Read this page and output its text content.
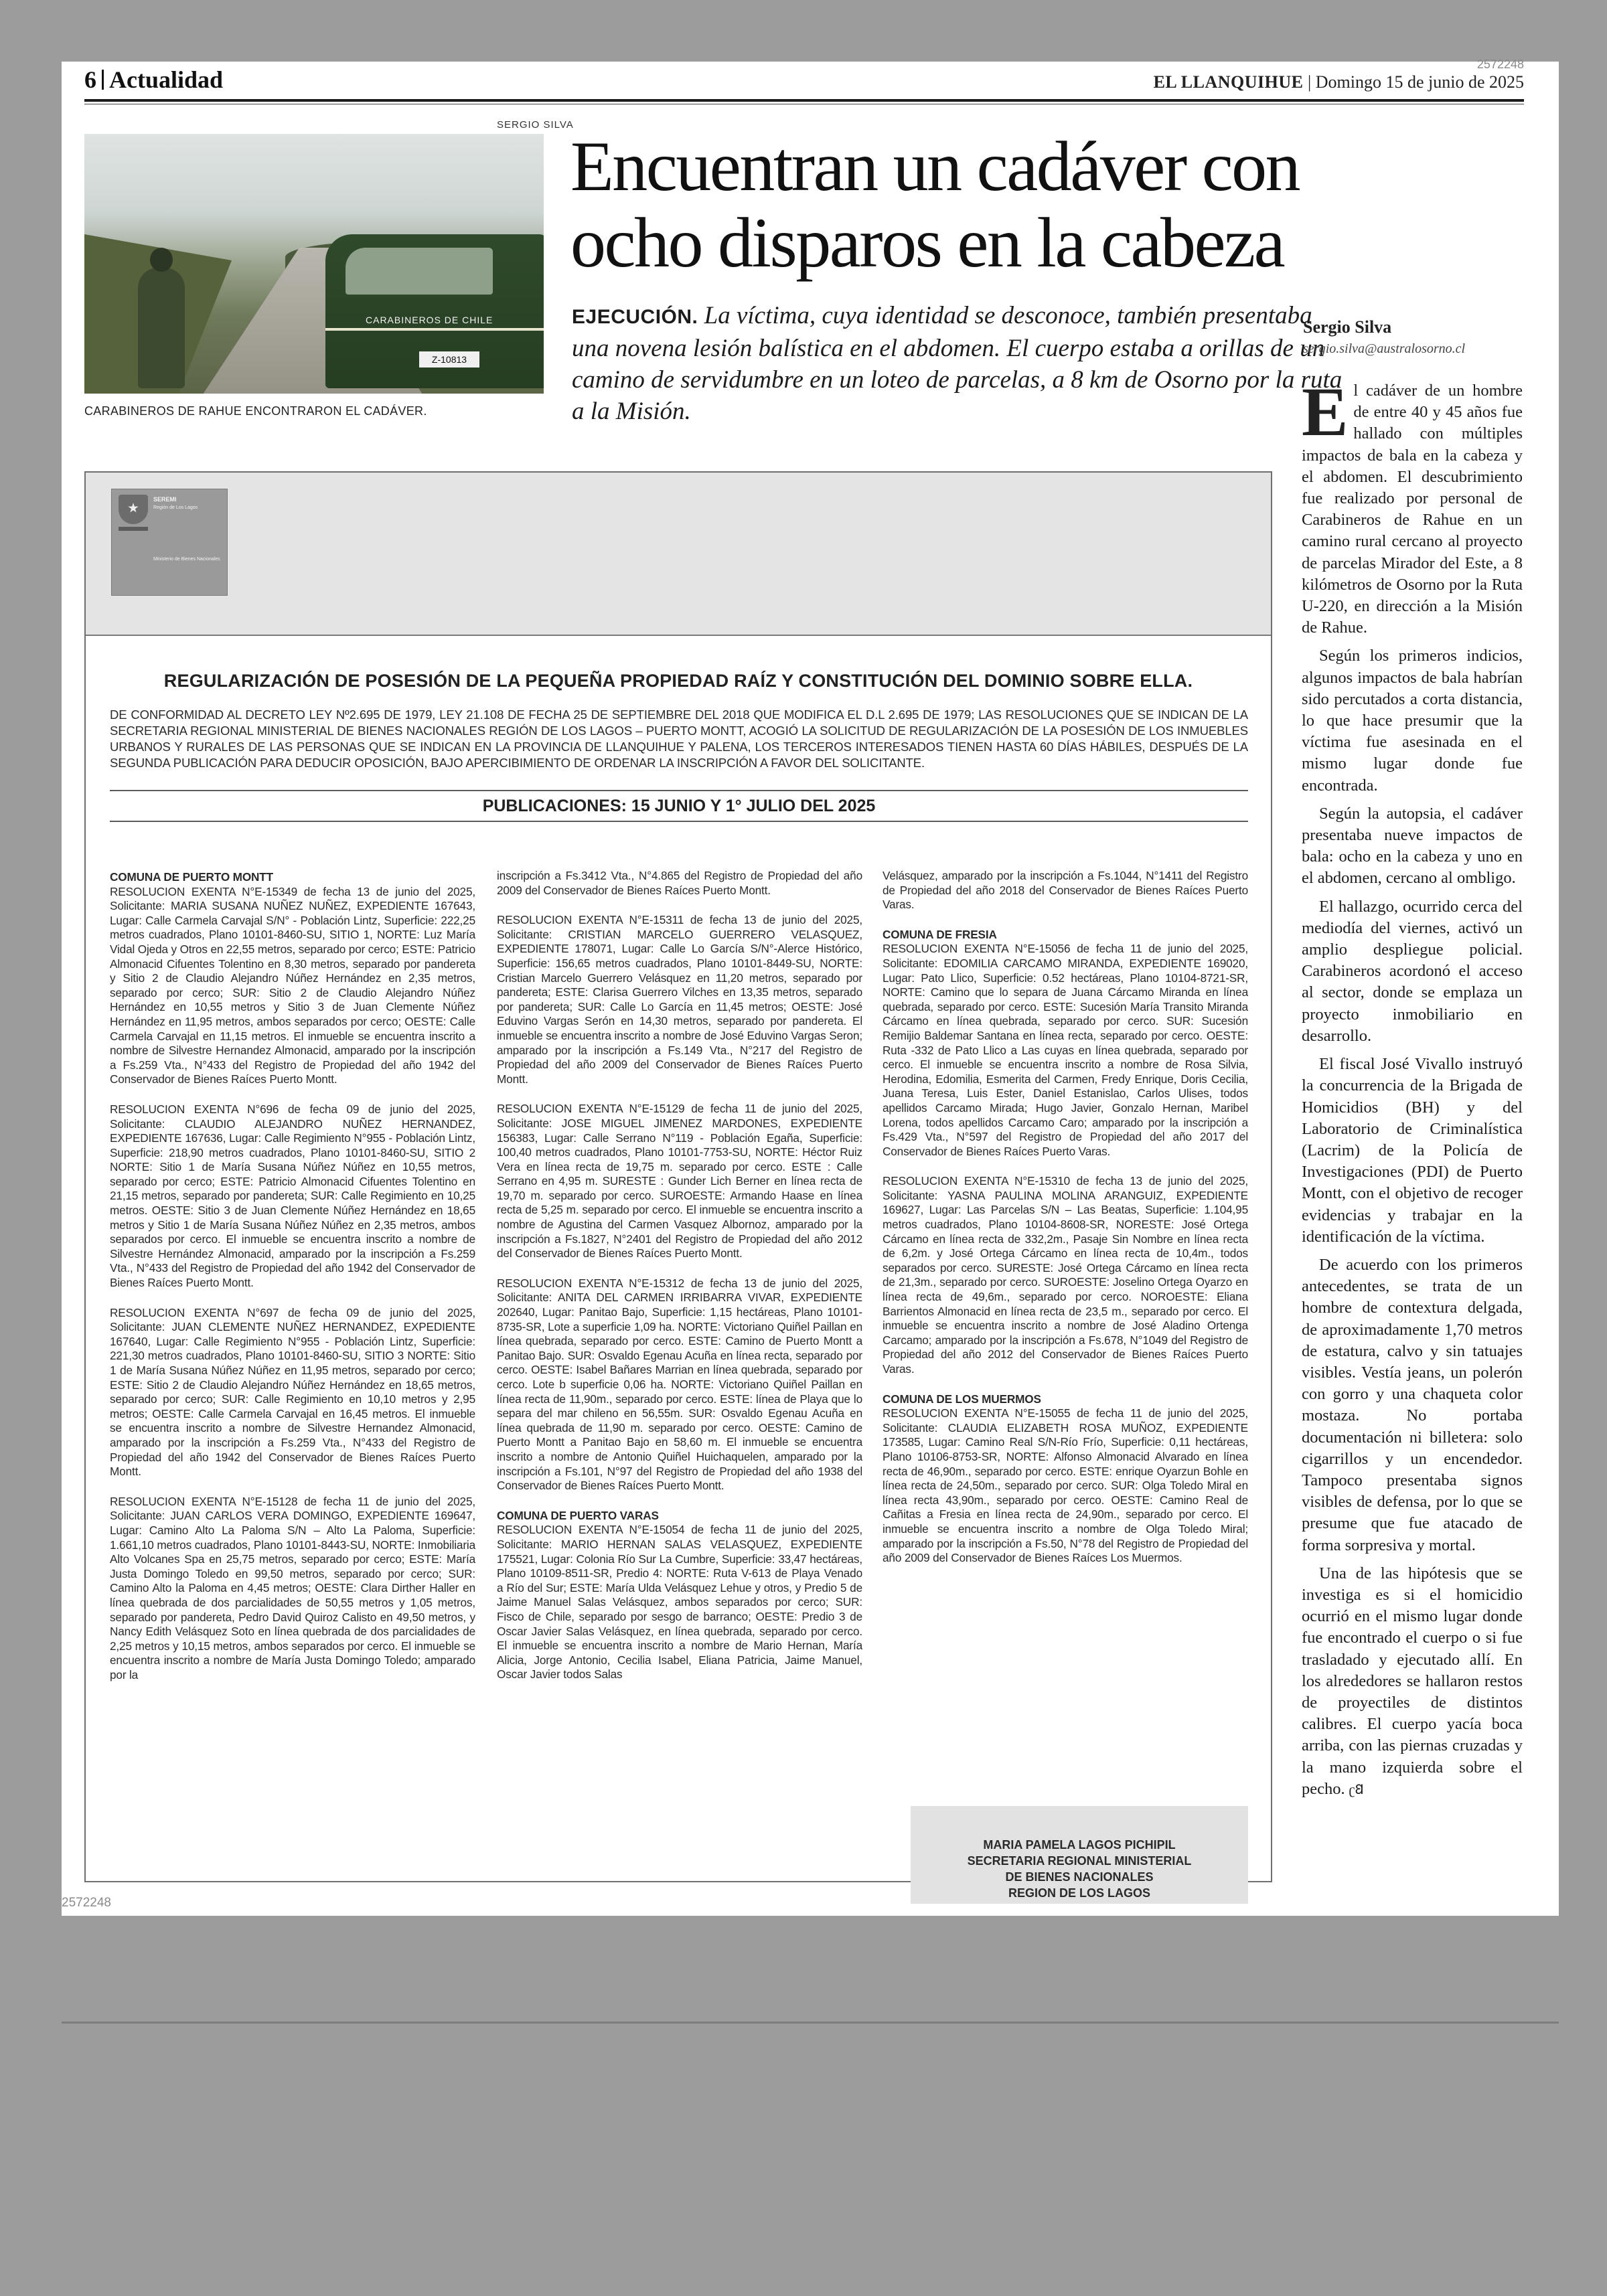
2572248
6 Actualidad	EL LLANQUIHUE | Domingo 15 de junio de 2025
SERGIO SILVA
CARABINEROS DE CHILE
Z-10813
CARABINEROS DE RAHUE ENCONTRARON EL CADÁVER.
Encuentran un cadáver con
ocho disparos en la cabeza
EJECUCIÓN. La víctima, cuya identidad se desconoce, también presentaba una novena lesión balística en el abdomen. El cuerpo estaba a orillas de un camino de servidumbre en un loteo de parcelas, a 8 km de Osorno por la ruta a la Misión.
Sergio Silva
sergio.silva@australosorno.cl

El cadáver de un hombre de entre 40 y 45 años fue hallado con múltiples impactos de bala en la cabeza y el abdomen. El descubrimiento fue realizado por personal de Carabineros de Rahue en un camino rural cercano al proyecto de parcelas Mirador del Este, a 8 kilómetros de Osorno por la Ruta U-220, en dirección a la Misión de Rahue.

Según los primeros indicios, algunos impactos de bala habrían sido percutados a corta distancia, lo que hace presumir que la víctima fue asesinada en el mismo lugar donde fue encontrada.

Según la autopsia, el cadáver presentaba nueve impactos de bala: ocho en la cabeza y uno en el abdomen, cercano al ombligo.

El hallazgo, ocurrido cerca del mediodía del viernes, activó un amplio despliegue policial. Carabineros acordonó el acceso al sector, donde se emplaza un proyecto inmobiliario en desarrollo.

El fiscal José Vivallo instruyó la concurrencia de la Brigada de Homicidios (BH) y del Laboratorio de Criminalística (Lacrim) de la Policía de Investigaciones (PDI) de Puerto Montt, con el objetivo de recoger evidencias y trabajar en la identificación de la víctima.

De acuerdo con los primeros antecedentes, se trata de un hombre de contextura delgada, de aproximadamente 1,70 metros de estatura, calvo y sin tatuajes visibles. Vestía jeans, un polerón con gorro y una chaqueta color mostaza. No portaba documentación ni billetera: solo cigarrillos y un encendedor. Tampoco presentaba signos visibles de defensa, por lo que se presume que fue atacado de forma sorpresiva y mortal.

Una de las hipótesis que se investiga es si el homicidio ocurrió en el mismo lugar donde fue encontrado el cuerpo o si fue trasladado y ejecutado allí. En los alrededores se hallaron restos de proyectiles de distintos calibres. El cuerpo yacía boca arriba, con las piernas cruzadas y la mano izquierda sobre el pecho. ʗ𐐒

SEREMI
Región de Los Lagos
Ministerio de Bienes Nacionales
REGULARIZACIÓN DE POSESIÓN DE LA PEQUEÑA PROPIEDAD RAÍZ Y CONSTITUCIÓN DEL DOMINIO SOBRE ELLA.
DE CONFORMIDAD AL DECRETO LEY Nº2.695 DE 1979, LEY 21.108 DE FECHA 25 DE SEPTIEMBRE DEL 2018 QUE MODIFICA EL D.L 2.695 DE 1979; LAS RESOLUCIONES QUE SE INDICAN DE LA SECRETARIA REGIONAL MINISTERIAL DE BIENES NACIONALES REGIÓN DE LOS LAGOS – PUERTO MONTT, ACOGIÓ LA SOLICITUD DE REGULARIZACIÓN DE LA POSESIÓN DE LOS INMUEBLES URBANOS Y RURALES DE LAS PERSONAS QUE SE INDICAN EN LA PROVINCIA DE LLANQUIHUE Y PALENA, LOS TERCEROS INTERESADOS TIENEN HASTA 60 DÍAS HÁBILES, DESPUÉS DE LA SEGUNDA PUBLICACIÓN PARA DEDUCIR OPOSICIÓN, BAJO APERCIBIMIENTO DE ORDENAR LA INSCRIPCIÓN A FAVOR DEL SOLICITANTE.
PUBLICACIONES: 15 JUNIO Y 1° JULIO DEL 2025
COMUNA DE PUERTO MONTT
RESOLUCION EXENTA N°E-15349 de fecha 13 de junio del 2025, Solicitante: MARIA SUSANA NUÑEZ NUÑEZ, EXPEDIENTE 167643, Lugar: Calle Carmela Carvajal S/N° - Población Lintz, Superficie: 222,25 metros cuadrados, Plano 10101-8460-SU, SITIO 1, NORTE: Luz María Vidal Ojeda y Otros en 22,55 metros, separado por cerco; ESTE: Patricio Almonacid Cifuentes Tolentino en 8,30 metros, separado por pandereta y Sitio 2 de Claudio Alejandro Núñez Hernández en 2,35 metros, separado por cerco; SUR: Sitio 2 de Claudio Alejandro Núñez Hernández en 10,55 metros y Sitio 3 de Juan Clemente Núñez Hernández en 11,95 metros, ambos separados por cerco; OESTE: Calle Carmela Carvajal en 11,15 metros. El inmueble se encuentra inscrito a nombre de Silvestre Hernandez Almonacid, amparado por la inscripción a Fs.259 Vta., N°433 del Registro de Propiedad del año 1942 del Conservador de Bienes Raíces Puerto Montt.
RESOLUCION EXENTA N°696 de fecha 09 de junio del 2025, Solicitante: CLAUDIO ALEJANDRO NUÑEZ HERNANDEZ, EXPEDIENTE 167636, Lugar: Calle Regimiento N°955 - Población Lintz, Superficie: 218,90 metros cuadrados, Plano 10101-8460-SU, SITIO 2 NORTE: Sitio 1 de María Susana Núñez Núñez en 10,55 metros, separado por cerco; ESTE: Patricio Almonacid Cifuentes Tolentino en 21,15 metros, separado por pandereta; SUR: Calle Regimiento en 10,25 metros. OESTE: Sitio 3 de Juan Clemente Núñez Hernández en 18,65 metros y Sitio 1 de María Susana Núñez Núñez en 2,35 metros, ambos separados por cerco. El inmueble se encuentra inscrito a nombre de Silvestre Hernández Almonacid, amparado por la inscripción a Fs.259 Vta., N°433 del Registro de Propiedad del año 1942 del Conservador de Bienes Raíces Puerto Montt.
RESOLUCION EXENTA N°697 de fecha 09 de junio del 2025, Solicitante: JUAN CLEMENTE NUÑEZ HERNANDEZ, EXPEDIENTE 167640, Lugar: Calle Regimiento N°955 - Población Lintz, Superficie: 221,30 metros cuadrados, Plano 10101-8460-SU, SITIO 3 NORTE: Sitio 1 de María Susana Núñez Núñez en 11,95 metros, separado por cerco; ESTE: Sitio 2 de Claudio Alejandro Núñez Hernández en 18,65 metros, separado por cerco; SUR: Calle Regimiento en 10,10 metros y 2,95 metros; OESTE: Calle Carmela Carvajal en 16,45 metros. El inmueble se encuentra inscrito a nombre de Silvestre Hernandez Almonacid, amparado por la inscripción a Fs.259 Vta., N°433 del Registro de Propiedad del año 1942 del Conservador de Bienes Raíces Puerto Montt.
RESOLUCION EXENTA N°E-15128 de fecha 11 de junio del 2025, Solicitante: JUAN CARLOS VERA DOMINGO, EXPEDIENTE 169647, Lugar: Camino Alto La Paloma S/N – Alto La Paloma, Superficie: 1.661,10 metros cuadrados, Plano 10101-8443-SU, NORTE: Inmobiliaria Alto Volcanes Spa en 25,75 metros, separado por cerco; ESTE: María Justa Domingo Toledo en 99,50 metros, separado por cerco; SUR: Camino Alto la Paloma en 4,45 metros; OESTE: Clara Dirther Haller en línea quebrada de dos parcialidades de 50,55 metros y 1,05 metros, separado por pandereta, Pedro David Quiroz Calisto en 49,50 metros, y Nancy Edith Velásquez Soto en línea quebrada de dos parcialidades de 2,25 metros y 10,15 metros, ambos separados por cerco. El inmueble se encuentra inscrito a nombre de María Justa Domingo Toledo; amparado por la
inscripción a Fs.3412 Vta., N°4.865 del Registro de Propiedad del año 2009 del Conservador de Bienes Raíces Puerto Montt.
RESOLUCION EXENTA N°E-15311 de fecha 13 de junio del 2025, Solicitante: CRISTIAN MARCELO GUERRERO VELASQUEZ, EXPEDIENTE 178071, Lugar: Calle Lo García S/N°-Alerce Histórico, Superficie: 156,65 metros cuadrados, Plano 10101-8449-SU, NORTE: Cristian Marcelo Guerrero Velásquez en 11,20 metros, separado por pandereta; ESTE: Clarisa Guerrero Vilches en 13,35 metros, separado por pandereta; SUR: Calle Lo García en 11,45 metros; OESTE: José Eduvino Vargas Serón en 14,30 metros, separado por pandereta. El inmueble se encuentra inscrito a nombre de José Eduvino Vargas Seron; amparado por la inscripción a Fs.149 Vta., N°217 del Registro de Propiedad del año 2009 del Conservador de Bienes Raíces Puerto Montt.
RESOLUCION EXENTA N°E-15129 de fecha 11 de junio del 2025, Solicitante: JOSE MIGUEL JIMENEZ MARDONES, EXPEDIENTE 156383, Lugar: Calle Serrano N°119 - Población Egaña, Superficie: 100,40 metros cuadrados, Plano 10101-7753-SU, NORTE: Héctor Ruiz Vera en línea recta de 19,75 m. separado por cerco. ESTE : Calle Serrano en 4,95 m. SURESTE : Gunder Lich Berner en línea recta de 19,70 m. separado por cerco. SUROESTE: Armando Haase en línea recta de 5,25 m. separado por cerco. El inmueble se encuentra inscrito a nombre de Agustina del Carmen Vasquez Albornoz, amparado por la inscripción a Fs.1827, N°2401 del Registro de Propiedad del año 2012 del Conservador de Bienes Raíces Puerto Montt.
RESOLUCION EXENTA N°E-15312 de fecha 13 de junio del 2025, Solicitante: ANITA DEL CARMEN IRRIBARRA VIVAR, EXPEDIENTE 202640, Lugar: Panitao Bajo, Superficie: 1,15 hectáreas, Plano 10101-8735-SR, Lote a superficie 1,09 ha. NORTE: Victoriano Quiñel Paillan en línea quebrada, separado por cerco. ESTE: Camino de Puerto Montt a Panitao Bajo. SUR: Osvaldo Egenau Acuña en línea recta, separado por cerco. OESTE: Isabel Bañares Marrian en línea quebrada, separado por cerco. Lote b superficie 0,06 ha. NORTE: Victoriano Quiñel Paillan en línea recta de 11,90m., separado por cerco. ESTE: línea de Playa que lo separa del mar chileno en 56,55m. SUR: Osvaldo Egenau Acuña en línea quebrada de 11,90 m. separado por cerco. OESTE: Camino de Puerto Montt a Panitao Bajo en 58,60 m. El inmueble se encuentra inscrito a nombre de Antonio Quiñel Huichaquelen, amparado por la inscripción a Fs.101, N°97 del Registro de Propiedad del año 1938 del Conservador de Bienes Raíces Puerto Montt.
COMUNA DE PUERTO VARAS
RESOLUCION EXENTA N°E-15054 de fecha 11 de junio del 2025, Solicitante: MARIO HERNAN SALAS VELASQUEZ, EXPEDIENTE 175521, Lugar: Colonia Río Sur La Cumbre, Superficie: 33,47 hectáreas, Plano 10109-8511-SR, Predio 4: NORTE: Ruta V-613 de Playa Venado a Río del Sur; ESTE: María Ulda Velásquez Lehue y otros, y Predio 5 de Jaime Manuel Salas Velásquez, ambos separados por cerco; SUR: Fisco de Chile, separado por sesgo de barranco; OESTE: Predio 3 de Oscar Javier Salas Velásquez, en línea quebrada, separado por cerco. El inmueble se encuentra inscrito a nombre de Mario Hernan, María Alicia, Jorge Antonio, Cecilia Isabel, Eliana Patricia, Jaime Manuel, Oscar Javier todos Salas
Velásquez, amparado por la inscripción a Fs.1044, N°1411 del Registro de Propiedad del año 2018 del Conservador de Bienes Raíces Puerto Varas.
COMUNA DE FRESIA
RESOLUCION EXENTA N°E-15056 de fecha 11 de junio del 2025, Solicitante: EDOMILIA CARCAMO MIRANDA, EXPEDIENTE 169020, Lugar: Pato Llico, Superficie: 0.52 hectáreas, Plano 10104-8721-SR, NORTE: Camino que lo separa de Juana Cárcamo Miranda en línea quebrada, separado por cerco. ESTE: Sucesión María Transito Miranda Cárcamo en línea quebrada, separado por cerco. SUR: Sucesión Remijio Baldemar Santana en línea recta, separado por cerco. OESTE: Ruta -332 de Pato Llico a Las cuyas en línea quebrada, separado por cerco. El inmueble se encuentra inscrito a nombre de Rosa Silvia, Herodina, Edomilia, Esmerita del Carmen, Fredy Enrique, Doris Cecilia, Juana Teresa, Luis Ester, Daniel Estanislao, Carlos Ulises, todos apellidos Carcamo Mirada; Hugo Javier, Gonzalo Hernan, Maribel Lorena, todos apellidos Carcamo Caro; amparado por la inscripción a Fs.429 Vta., N°597 del Registro de Propiedad del año 2017 del Conservador de Bienes Raíces Puerto Varas.
RESOLUCION EXENTA N°E-15310 de fecha 13 de junio del 2025, Solicitante: YASNA PAULINA MOLINA ARANGUIZ, EXPEDIENTE 169627, Lugar: Las Parcelas S/N – Las Beatas, Superficie: 1.104,95 metros cuadrados, Plano 10104-8608-SR, NORESTE: José Ortega Cárcamo en línea recta de 332,2m., Pasaje Sin Nombre en línea recta de 6,2m. y José Ortega Cárcamo en línea recta de 10,4m., todos separados por cerco. SURESTE: José Ortega Cárcamo en línea recta de 21,3m., separado por cerco. SUROESTE: Joselino Ortega Oyarzo en línea recta de 49,6m., separado por cerco. NOROESTE: Eliana Barrientos Almonacid en línea recta de 23,5 m., separado por cerco. El inmueble se encuentra inscrito a nombre de José Aladino Ortenga Carcamo; amparado por la inscripción a Fs.678, N°1049 del Registro de Propiedad del año 2012 del Conservador de Bienes Raíces Puerto Varas.
COMUNA DE LOS MUERMOS
RESOLUCION EXENTA N°E-15055 de fecha 11 de junio del 2025, Solicitante: CLAUDIA ELIZABETH ROSA MUÑOZ, EXPEDIENTE 173585, Lugar: Camino Real S/N-Río Frío, Superficie: 0,11 hectáreas, Plano 10106-8753-SR, NORTE: Alfonso Almonacid Alvarado en línea recta de 46,90m., separado por cerco. ESTE: enrique Oyarzun Bohle en línea recta de 24,50m., separado por cerco. SUR: Olga Toledo Miral en línea recta 43,90m., separado por cerco. OESTE: Camino Real de Cañitas a Fresia en línea recta de 24,90m., separado por cerco. El inmueble se encuentra inscrito a nombre de Olga Toledo Miral; amparado por la inscripción a Fs.50, N°78 del Registro de Propiedad del año 2009 del Conservador de Bienes Raíces Los Muermos.
MARIA PAMELA LAGOS PICHIPIL
SECRETARIA REGIONAL MINISTERIAL
DE BIENES NACIONALES
REGION DE LOS LAGOS
2572248
